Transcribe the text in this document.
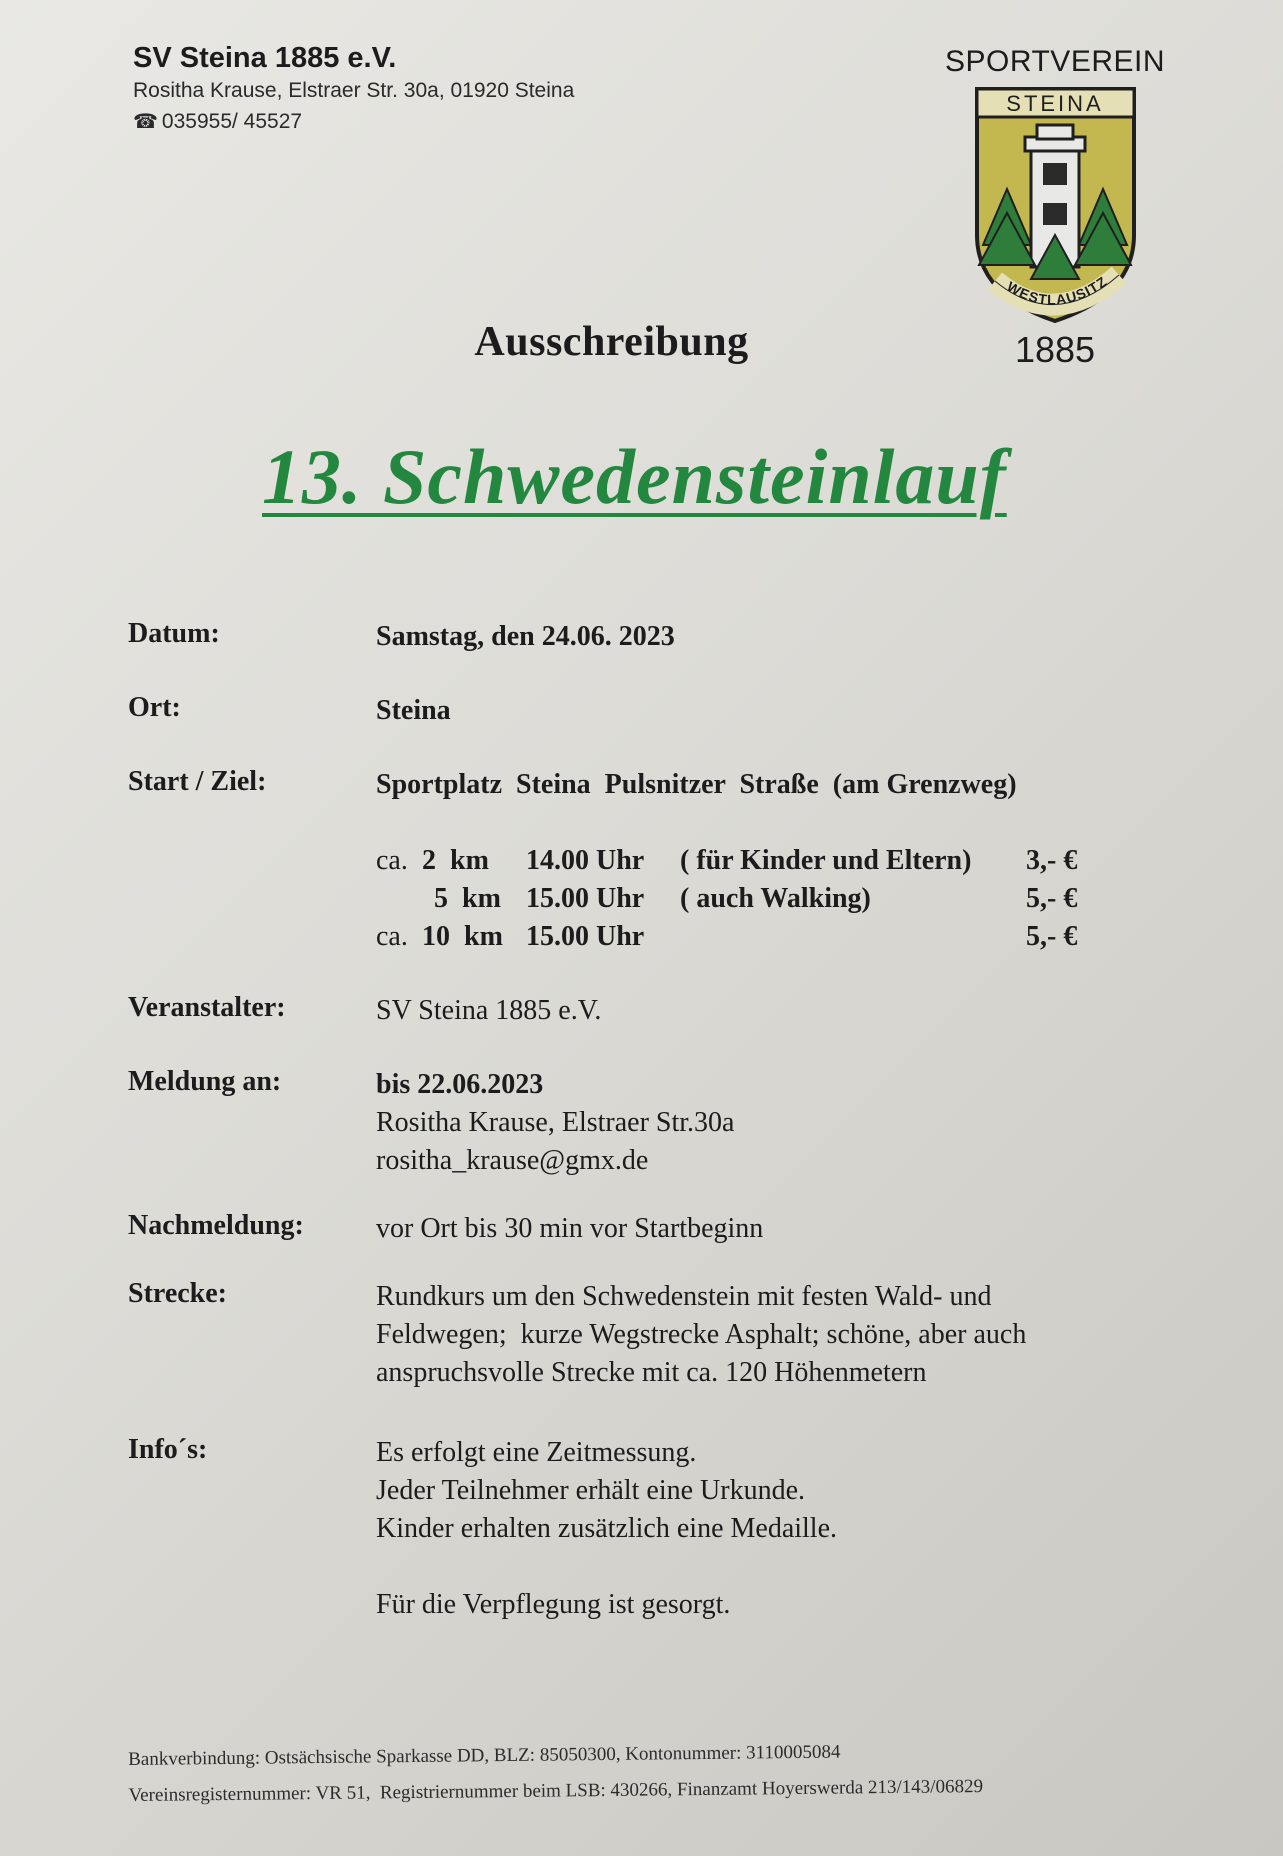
SV Steina 1885 e.V.
Rositha Krause, Elstraer Str. 30a, 01920 Steina
☎ 035955/ 45527
SPORTVEREIN
STEINA
WESTLAUSITZ
1885
Ausschreibung
13. Schwedensteinlauf
Datum:	Samstag, den 24.06. 2023
Ort:	Steina
Start / Ziel:	Sportplatz  Steina  Pulsnitzer  Straße  (am Grenzweg)
ca. 2  km 14.00 Uhr ( für Kinder und Eltern) 3,- €
5  km 15.00 Uhr ( auch Walking)	5,- €
ca. 10  km 15.00 Uhr	5,- €
Veranstalter:	SV Steina 1885 e.V.
Meldung an:	bis 22.06.2023
Rositha Krause, Elstraer Str.30a
rositha_krause@gmx.de
Nachmeldung:	vor Ort bis 30 min vor Startbeginn
Strecke:	Rundkurs um den Schwedenstein mit festen Wald- und
Feldwegen;  kurze Wegstrecke Asphalt; schöne, aber auch
anspruchsvolle Strecke mit ca. 120 Höhenmetern
Info´s:	Es erfolgt eine Zeitmessung.
Jeder Teilnehmer erhält eine Urkunde.
Kinder erhalten zusätzlich eine Medaille.
Für die Verpflegung ist gesorgt.
Bankverbindung: Ostsächsische Sparkasse DD, BLZ: 85050300, Kontonummer: 3110005084
Vereinsregisternummer: VR 51,  Registriernummer beim LSB: 430266, Finanzamt Hoyerswerda 213/143/06829
